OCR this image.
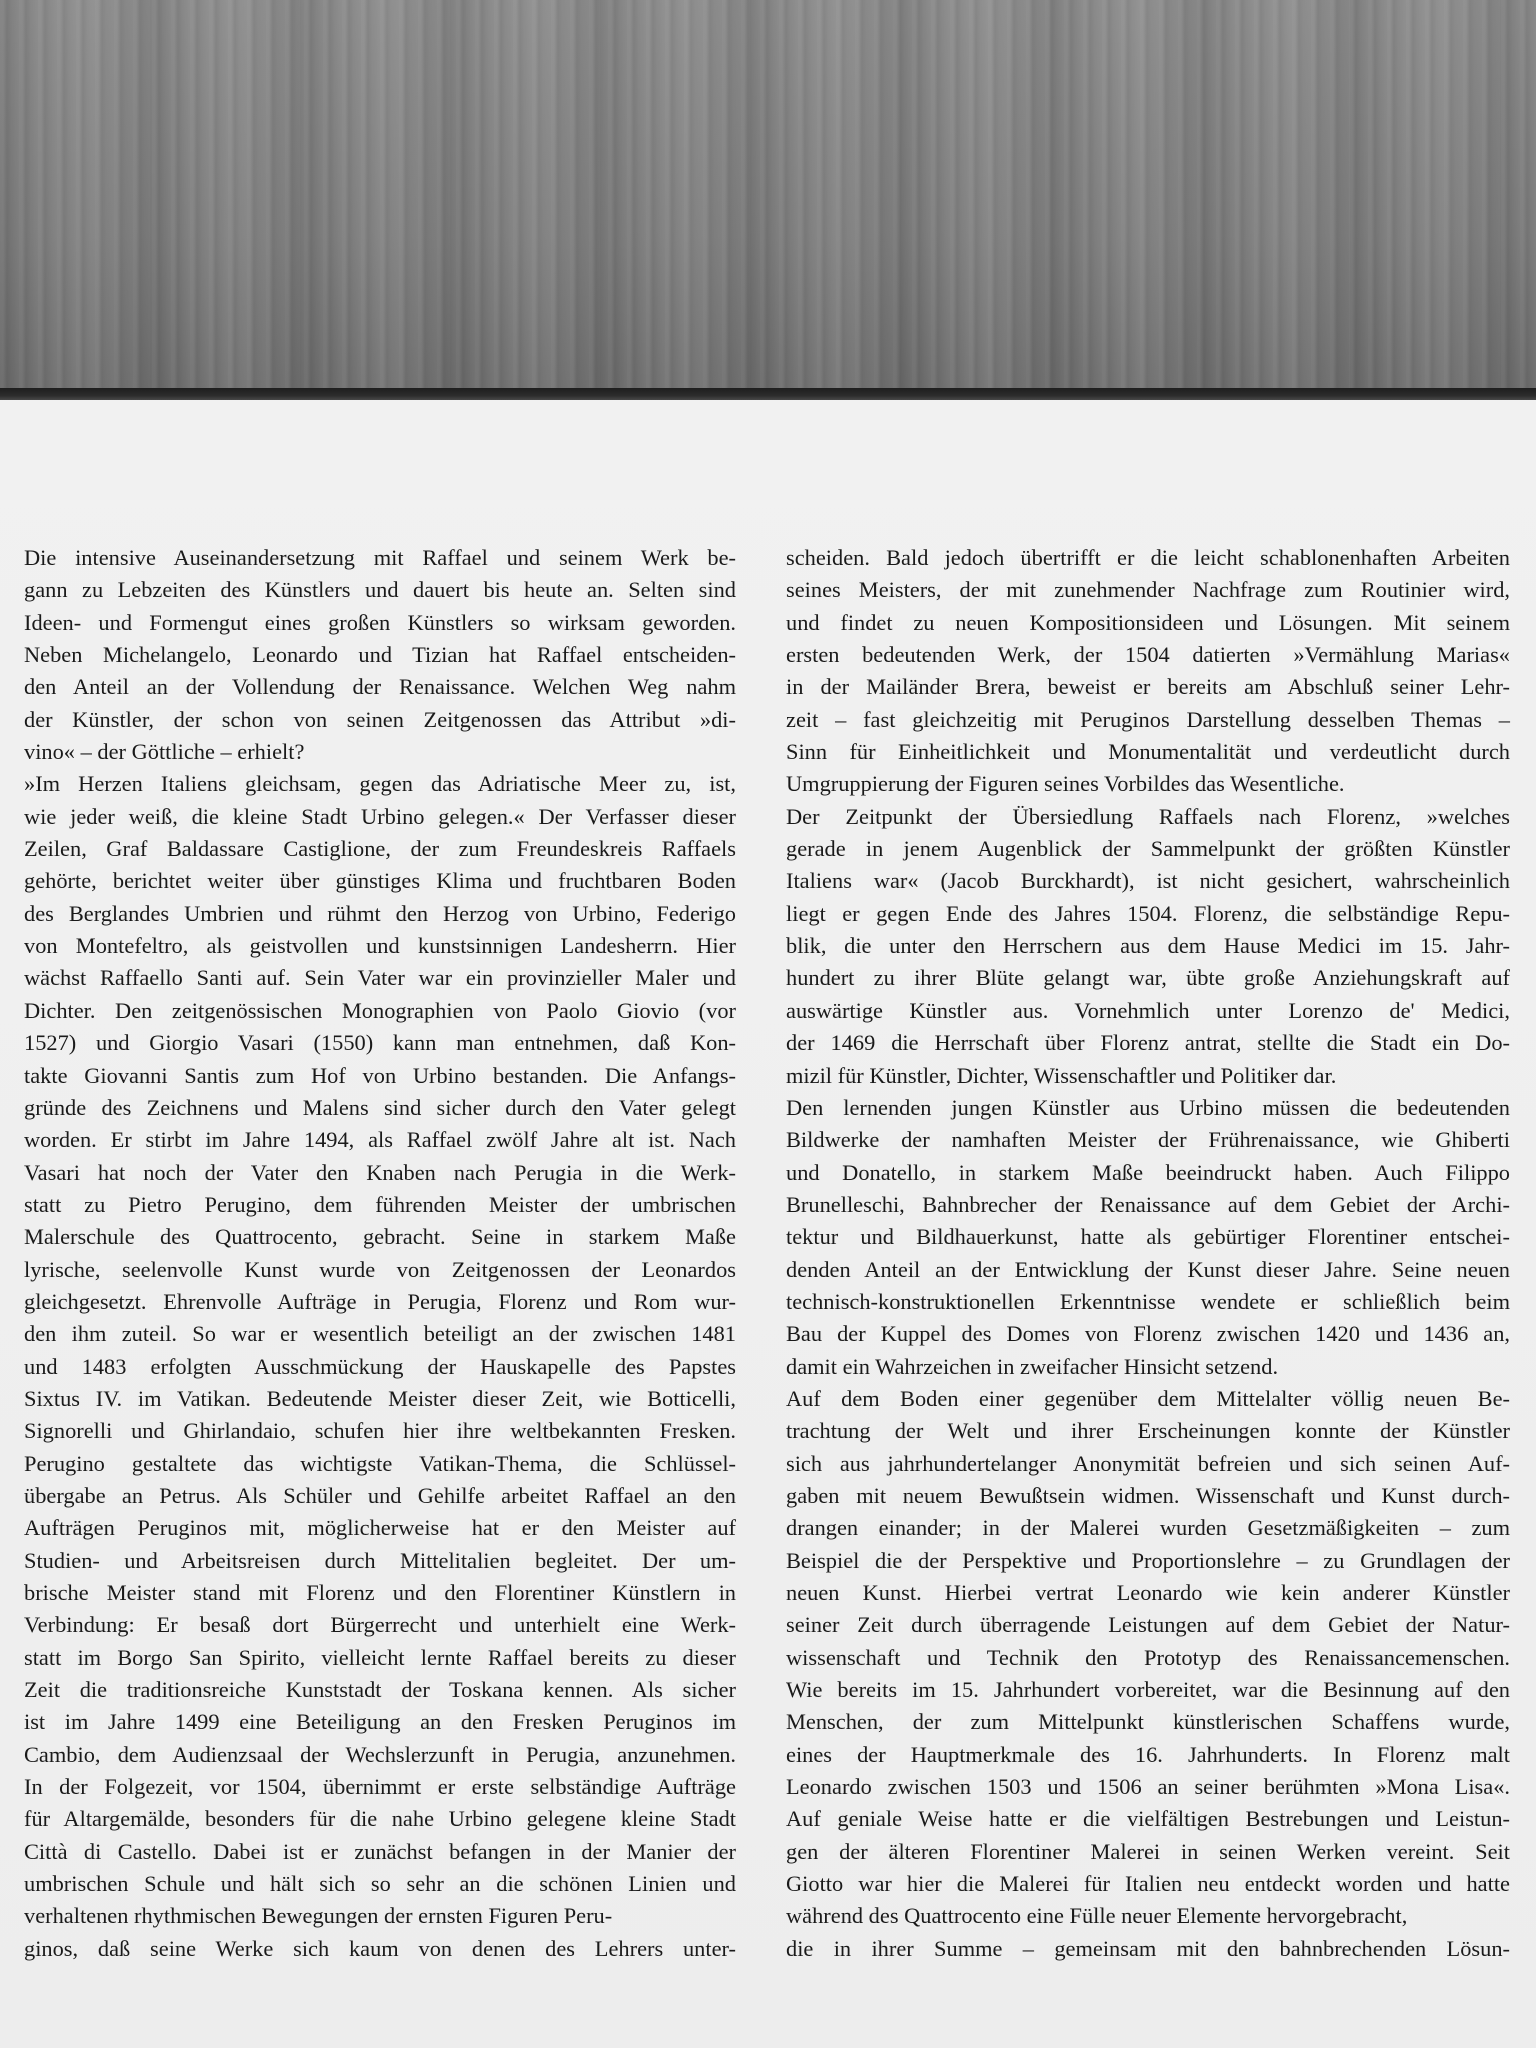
Die intensive Auseinandersetzung mit Raffael und seinem Werk be-
gann zu Lebzeiten des Künstlers und dauert bis heute an. Selten sind
Ideen- und Formengut eines großen Künstlers so wirksam geworden.
Neben Michelangelo, Leonardo und Tizian hat Raffael entscheiden-
den Anteil an der Vollendung der Renaissance. Welchen Weg nahm
der Künstler, der schon von seinen Zeitgenossen das Attribut »di-
vino« – der Göttliche – erhielt?
»Im Herzen Italiens gleichsam, gegen das Adriatische Meer zu, ist,
wie jeder weiß, die kleine Stadt Urbino gelegen.« Der Verfasser dieser
Zeilen, Graf Baldassare Castiglione, der zum Freundeskreis Raffaels
gehörte, berichtet weiter über günstiges Klima und fruchtbaren Boden
des Berglandes Umbrien und rühmt den Herzog von Urbino, Federigo
von Montefeltro, als geistvollen und kunstsinnigen Landesherrn. Hier
wächst Raffaello Santi auf. Sein Vater war ein provinzieller Maler und
Dichter. Den zeitgenössischen Monographien von Paolo Giovio (vor
1527) und Giorgio Vasari (1550) kann man entnehmen, daß Kon-
takte Giovanni Santis zum Hof von Urbino bestanden. Die Anfangs-
gründe des Zeichnens und Malens sind sicher durch den Vater gelegt
worden. Er stirbt im Jahre 1494, als Raffael zwölf Jahre alt ist. Nach
Vasari hat noch der Vater den Knaben nach Perugia in die Werk-
statt zu Pietro Perugino, dem führenden Meister der umbrischen
Malerschule des Quattrocento, gebracht. Seine in starkem Maße
lyrische, seelenvolle Kunst wurde von Zeitgenossen der Leonardos
gleichgesetzt. Ehrenvolle Aufträge in Perugia, Florenz und Rom wur-
den ihm zuteil. So war er wesentlich beteiligt an der zwischen 1481
und 1483 erfolgten Ausschmückung der Hauskapelle des Papstes
Sixtus IV. im Vatikan. Bedeutende Meister dieser Zeit, wie Botticelli,
Signorelli und Ghirlandaio, schufen hier ihre weltbekannten Fresken.
Perugino gestaltete das wichtigste Vatikan-Thema, die Schlüssel-
übergabe an Petrus. Als Schüler und Gehilfe arbeitet Raffael an den
Aufträgen Peruginos mit, möglicherweise hat er den Meister auf
Studien- und Arbeitsreisen durch Mittelitalien begleitet. Der um-
brische Meister stand mit Florenz und den Florentiner Künstlern in
Verbindung: Er besaß dort Bürgerrecht und unterhielt eine Werk-
statt im Borgo San Spirito, vielleicht lernte Raffael bereits zu dieser
Zeit die traditionsreiche Kunststadt der Toskana kennen. Als sicher
ist im Jahre 1499 eine Beteiligung an den Fresken Peruginos im
Cambio, dem Audienzsaal der Wechslerzunft in Perugia, anzunehmen.
In der Folgezeit, vor 1504, übernimmt er erste selbständige Aufträge
für Altargemälde, besonders für die nahe Urbino gelegene kleine Stadt
Città di Castello. Dabei ist er zunächst befangen in der Manier der
umbrischen Schule und hält sich so sehr an die schönen Linien und
verhaltenen rhythmischen Bewegungen der ernsten Figuren Peru-
ginos, daß seine Werke sich kaum von denen des Lehrers unter-
scheiden. Bald jedoch übertrifft er die leicht schablonenhaften Arbeiten
seines Meisters, der mit zunehmender Nachfrage zum Routinier wird,
und findet zu neuen Kompositionsideen und Lösungen. Mit seinem
ersten bedeutenden Werk, der 1504 datierten »Vermählung Marias«
in der Mailänder Brera, beweist er bereits am Abschluß seiner Lehr-
zeit – fast gleichzeitig mit Peruginos Darstellung desselben Themas –
Sinn für Einheitlichkeit und Monumentalität und verdeutlicht durch
Umgruppierung der Figuren seines Vorbildes das Wesentliche.
Der Zeitpunkt der Übersiedlung Raffaels nach Florenz, »welches
gerade in jenem Augenblick der Sammelpunkt der größten Künstler
Italiens war« (Jacob Burckhardt), ist nicht gesichert, wahrscheinlich
liegt er gegen Ende des Jahres 1504. Florenz, die selbständige Repu-
blik, die unter den Herrschern aus dem Hause Medici im 15. Jahr-
hundert zu ihrer Blüte gelangt war, übte große Anziehungskraft auf
auswärtige Künstler aus. Vornehmlich unter Lorenzo de' Medici,
der 1469 die Herrschaft über Florenz antrat, stellte die Stadt ein Do-
mizil für Künstler, Dichter, Wissenschaftler und Politiker dar.
Den lernenden jungen Künstler aus Urbino müssen die bedeutenden
Bildwerke der namhaften Meister der Frührenaissance, wie Ghiberti
und Donatello, in starkem Maße beeindruckt haben. Auch Filippo
Brunelleschi, Bahnbrecher der Renaissance auf dem Gebiet der Archi-
tektur und Bildhauerkunst, hatte als gebürtiger Florentiner entschei-
denden Anteil an der Entwicklung der Kunst dieser Jahre. Seine neuen
technisch-konstruktionellen Erkenntnisse wendete er schließlich beim
Bau der Kuppel des Domes von Florenz zwischen 1420 und 1436 an,
damit ein Wahrzeichen in zweifacher Hinsicht setzend.
Auf dem Boden einer gegenüber dem Mittelalter völlig neuen Be-
trachtung der Welt und ihrer Erscheinungen konnte der Künstler
sich aus jahrhundertelanger Anonymität befreien und sich seinen Auf-
gaben mit neuem Bewußtsein widmen. Wissenschaft und Kunst durch-
drangen einander; in der Malerei wurden Gesetzmäßigkeiten – zum
Beispiel die der Perspektive und Proportionslehre – zu Grundlagen der
neuen Kunst. Hierbei vertrat Leonardo wie kein anderer Künstler
seiner Zeit durch überragende Leistungen auf dem Gebiet der Natur-
wissenschaft und Technik den Prototyp des Renaissancemenschen.
Wie bereits im 15. Jahrhundert vorbereitet, war die Besinnung auf den
Menschen, der zum Mittelpunkt künstlerischen Schaffens wurde,
eines der Hauptmerkmale des 16. Jahrhunderts. In Florenz malt
Leonardo zwischen 1503 und 1506 an seiner berühmten »Mona Lisa«.
Auf geniale Weise hatte er die vielfältigen Bestrebungen und Leistun-
gen der älteren Florentiner Malerei in seinen Werken vereint. Seit
Giotto war hier die Malerei für Italien neu entdeckt worden und hatte
während des Quattrocento eine Fülle neuer Elemente hervorgebracht,
die in ihrer Summe – gemeinsam mit den bahnbrechenden Lösun-
